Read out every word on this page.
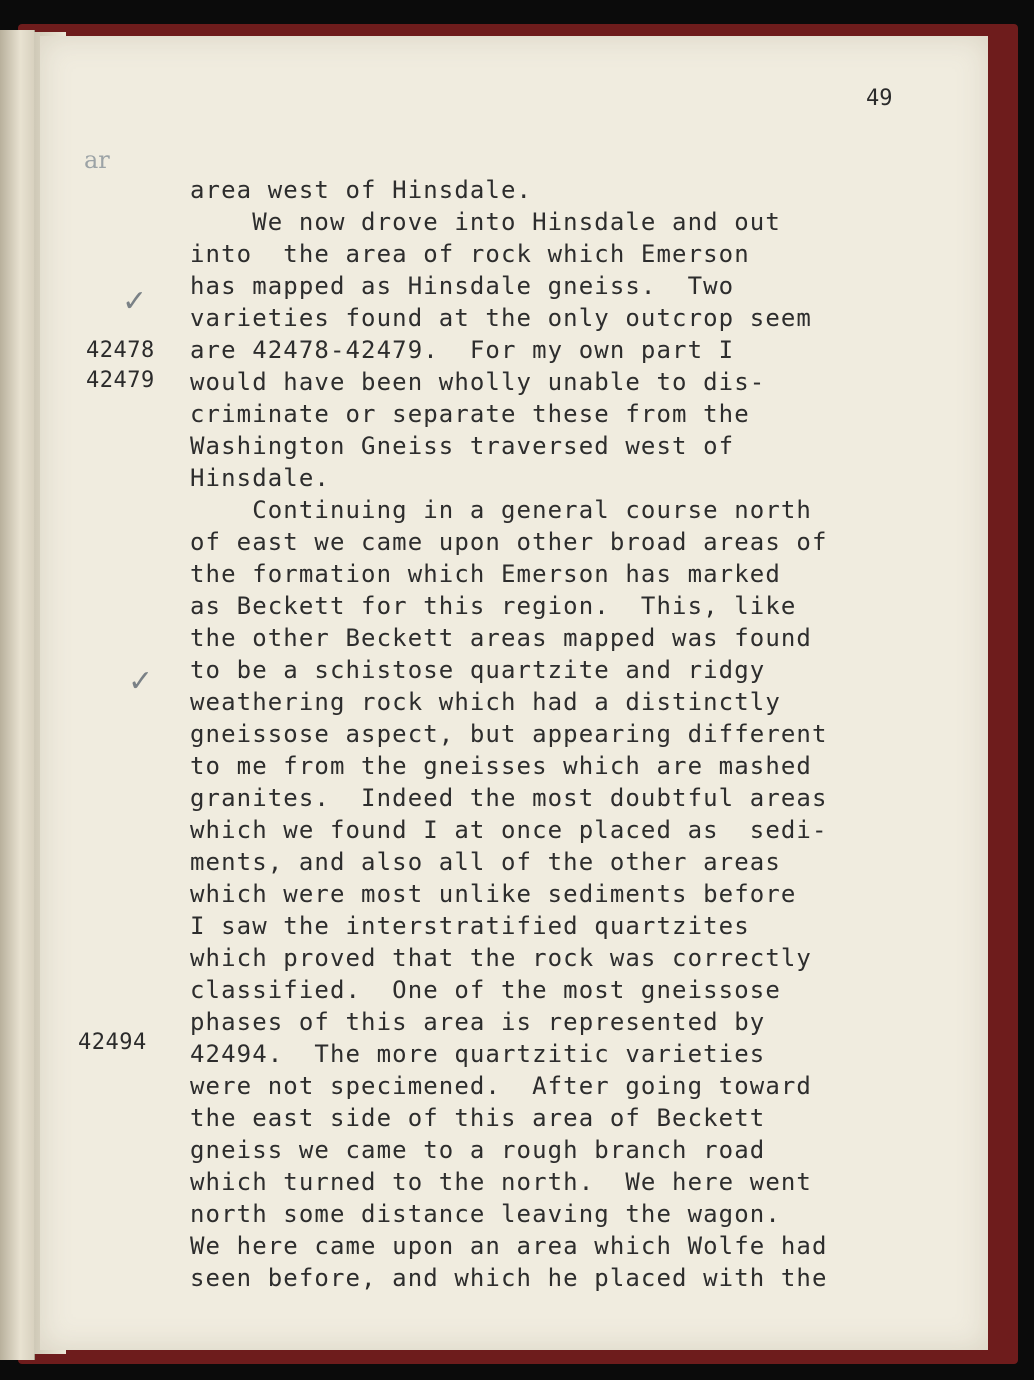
49
ar
✓
✓
42478
42479
42494
area west of Hinsdale.
We now drove into Hinsdale and out
into  the area of rock which Emerson
has mapped as Hinsdale gneiss.  Two
varieties found at the only outcrop seem
are 42478-42479.  For my own part I
would have been wholly unable to dis-
criminate or separate these from the
Washington Gneiss traversed west of
Hinsdale.
Continuing in a general course north
of east we came upon other broad areas of
the formation which Emerson has marked
as Beckett for this region.  This, like
the other Beckett areas mapped was found
to be a schistose quartzite and ridgy
weathering rock which had a distinctly
gneissose aspect, but appearing different
to me from the gneisses which are mashed
granites.  Indeed the most doubtful areas
which we found I at once placed as  sedi-
ments, and also all of the other areas
which were most unlike sediments before
I saw the interstratified quartzites
which proved that the rock was correctly
classified.  One of the most gneissose
phases of this area is represented by
42494.  The more quartzitic varieties
were not specimened.  After going toward
the east side of this area of Beckett
gneiss we came to a rough branch road
which turned to the north.  We here went
north some distance leaving the wagon.
We here came upon an area which Wolfe had
seen before, and which he placed with the
